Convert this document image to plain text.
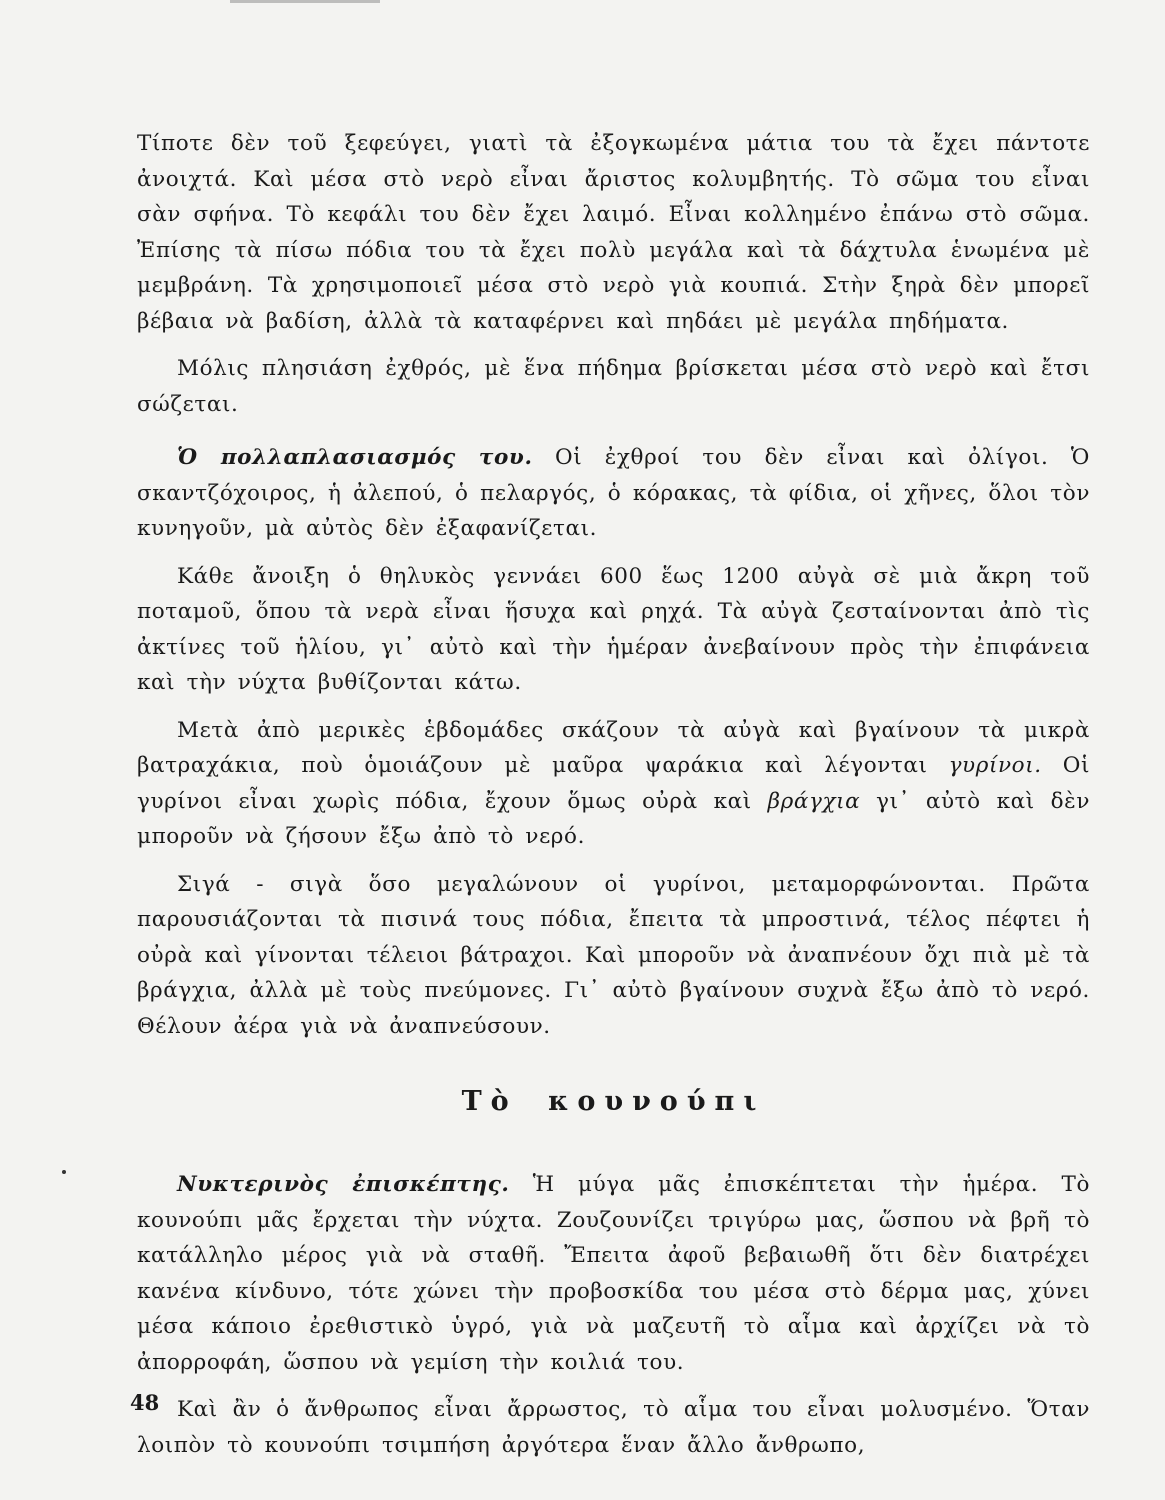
Τίποτε δὲν τοῦ ξεφεύγει, γιατὶ τὰ ἐξογκωμένα μάτια του τὰ ἔχει πάντοτε ἀνοιχτά. Καὶ μέσα στὸ νερὸ εἶναι ἄριστος κολυμβητής. Τὸ σῶμα του εἶναι σὰν σφήνα. Τὸ κεφάλι του δὲν ἔχει λαιμό. Εἶναι κολλημένο ἐπάνω στὸ σῶμα. Ἐπίσης τὰ πίσω πόδια του τὰ ἔχει πολὺ μεγάλα καὶ τὰ δάχτυλα ἑνωμένα μὲ μεμβράνη. Τὰ χρησιμοποιεῖ μέσα στὸ νερὸ γιὰ κουπιά. Στὴν ξηρὰ δὲν μπορεῖ βέβαια νὰ βαδίση, ἀλλὰ τὰ καταφέρνει καὶ πηδάει μὲ μεγάλα πηδήματα.

Μόλις πλησιάση ἐχθρός, μὲ ἕνα πήδημα βρίσκεται μέσα στὸ νερὸ καὶ ἔτσι σώζεται.

Ὁ πολλαπλασιασμός του. Οἱ ἐχθροί του δὲν εἶναι καὶ ὀλίγοι. Ὁ σκαντζόχοιρος, ἡ ἀλεπού, ὁ πελαργός, ὁ κόρακας, τὰ φίδια, οἱ χῆνες, ὅλοι τὸν κυνηγοῦν, μὰ αὐτὸς δὲν ἐξαφανίζεται.

Κάθε ἄνοιξη ὁ θηλυκὸς γεννάει 600 ἕως 1200 αὐγὰ σὲ μιὰ ἄκρη τοῦ ποταμοῦ, ὅπου τὰ νερὰ εἶναι ἥσυχα καὶ ρηχά. Τὰ αὐγὰ ζεσταίνονται ἀπὸ τὶς ἀκτίνες τοῦ ἡλίου, γι᾿ αὐτὸ καὶ τὴν ἡμέραν ἀνεβαίνουν πρὸς τὴν ἐπιφάνεια καὶ τὴν νύχτα βυθίζονται κάτω.

Μετὰ ἀπὸ μερικὲς ἑβδομάδες σκάζουν τὰ αὐγὰ καὶ βγαίνουν τὰ μικρὰ βατραχάκια, ποὺ ὁμοιάζουν μὲ μαῦρα ψαράκια καὶ λέγονται γυρίνοι. Οἱ γυρίνοι εἶναι χωρὶς πόδια, ἔχουν ὅμως οὐρὰ καὶ βράγχια γι᾿ αὐτὸ καὶ δὲν μποροῦν νὰ ζήσουν ἔξω ἀπὸ τὸ νερό.

Σιγά - σιγὰ ὅσο μεγαλώνουν οἱ γυρίνοι, μεταμορφώνονται. Πρῶτα παρουσιάζονται τὰ πισινά τους πόδια, ἔπειτα τὰ μπροστινά, τέλος πέφτει ἡ οὐρὰ καὶ γίνονται τέλειοι βάτραχοι. Καὶ μποροῦν νὰ ἀναπνέουν ὄχι πιὰ μὲ τὰ βράγχια, ἀλλὰ μὲ τοὺς πνεύμονες. Γι᾿ αὐτὸ βγαίνουν συχνὰ ἔξω ἀπὸ τὸ νερό. Θέλουν ἀέρα γιὰ νὰ ἀναπνεύσουν.

Τὸ κουνούπι

Νυκτερινὸς ἐπισκέπτης. Ἡ μύγα μᾶς ἐπισκέπτεται τὴν ἡμέρα. Τὸ κουνούπι μᾶς ἔρχεται τὴν νύχτα. Ζουζουνίζει τριγύρω μας, ὥσπου νὰ βρῆ τὸ κατάλληλο μέρος γιὰ νὰ σταθῆ. Ἔπειτα ἀφοῦ βεβαιωθῆ ὅτι δὲν διατρέχει κανένα κίνδυνο, τότε χώνει τὴν προβοσκίδα του μέσα στὸ δέρμα μας, χύνει μέσα κάποιο ἐρεθιστικὸ ὑγρό, γιὰ νὰ μαζευτῆ τὸ αἷμα καὶ ἀρχίζει νὰ τὸ ἀπορροφάη, ὥσπου νὰ γεμίση τὴν κοιλιά του.

Καὶ ἂν ὁ ἄνθρωπος εἶναι ἄρρωστος, τὸ αἷμα του εἶναι μολυσμένο. Ὅταν λοιπὸν τὸ κουνούπι τσιμπήση ἀργότερα ἕναν ἄλλο ἄνθρωπο,

48
